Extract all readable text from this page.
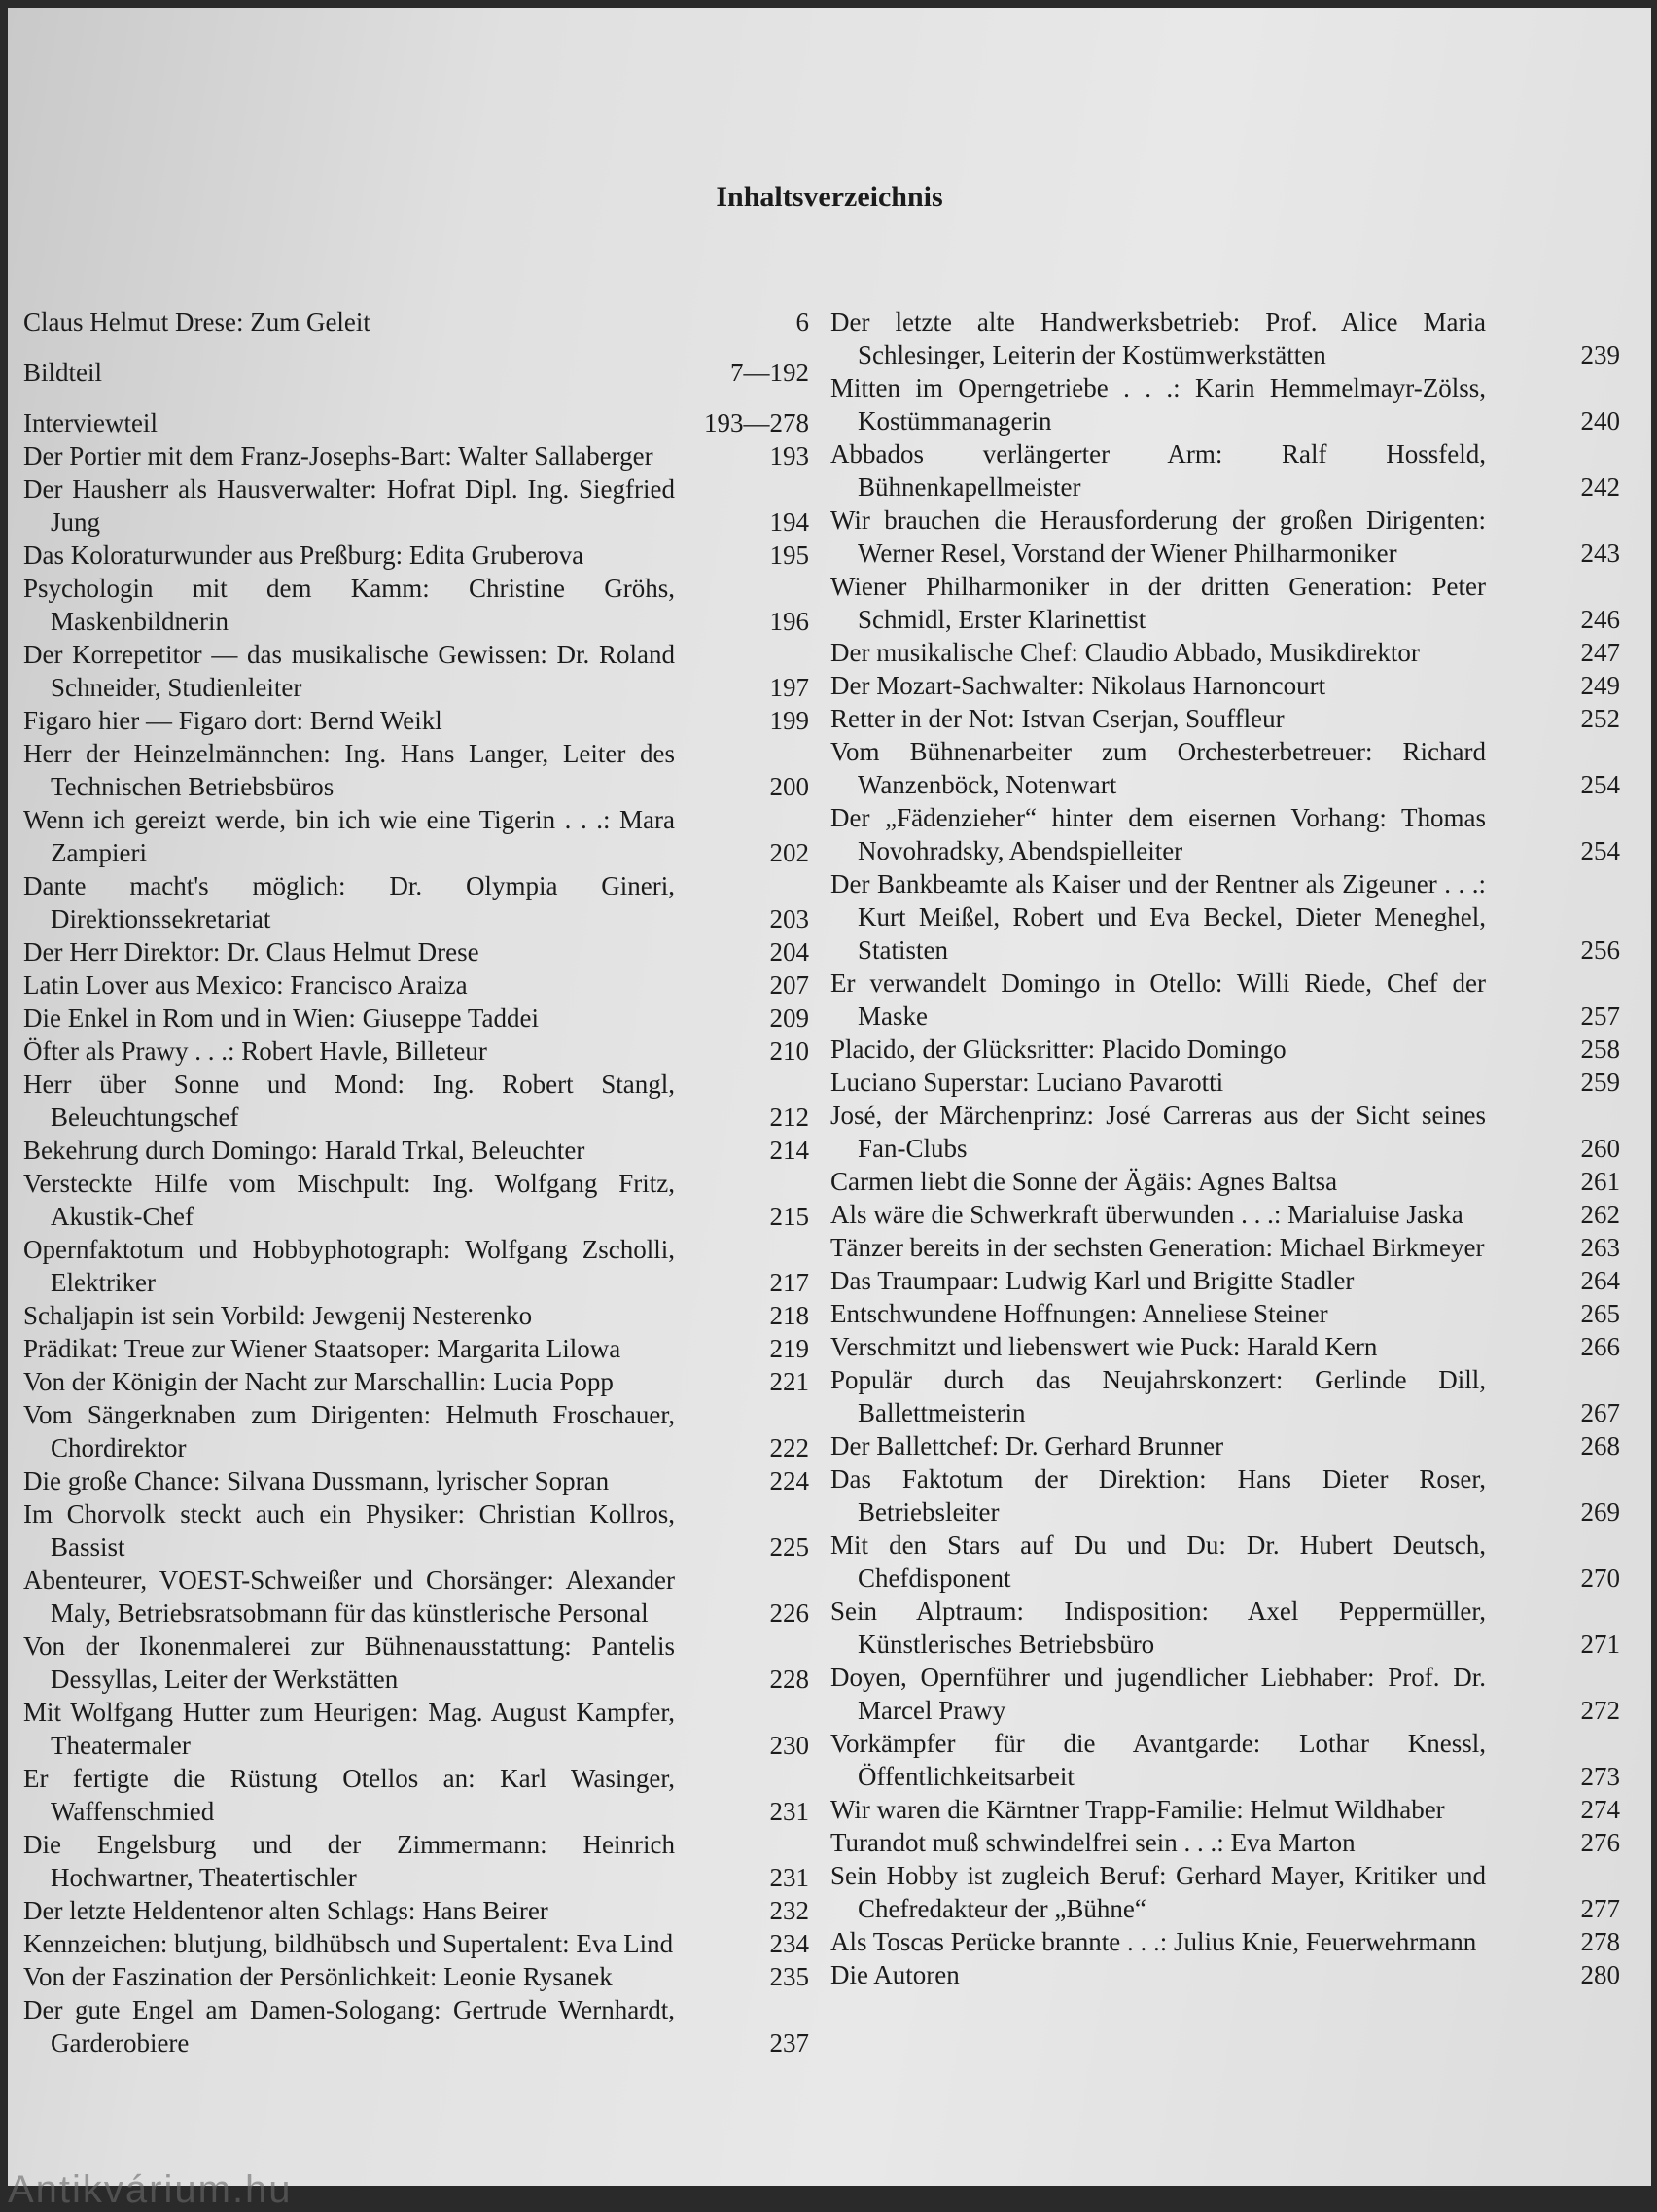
Inhaltsverzeichnis
Claus Helmut Drese: Zum Geleit	6
Bildteil	7—192
Interviewteil	193—278
Der Portier mit dem Franz-Josephs-Bart: Walter Sallaberger	193
Der Hausherr als Hausverwalter: Hofrat Dipl. Ing. Siegfried Jung	194
Das Koloraturwunder aus Preßburg: Edita Gruberova	195
Psychologin mit dem Kamm: Christine Gröhs, Maskenbildnerin	196
Der Korrepetitor — das musikalische Gewissen: Dr. Roland Schneider, Studienleiter	197
Figaro hier — Figaro dort: Bernd Weikl	199
Herr der Heinzelmännchen: Ing. Hans Langer, Leiter des Technischen Betriebsbüros	200
Wenn ich gereizt werde, bin ich wie eine Tigerin . . .: Mara Zampieri	202
Dante macht's möglich: Dr. Olympia Gineri, Direktionssekretariat	203
Der Herr Direktor: Dr. Claus Helmut Drese	204
Latin Lover aus Mexico: Francisco Araiza	207
Die Enkel in Rom und in Wien: Giuseppe Taddei	209
Öfter als Prawy . . .: Robert Havle, Billeteur	210
Herr über Sonne und Mond: Ing. Robert Stangl, Beleuchtungschef	212
Bekehrung durch Domingo: Harald Trkal, Beleuchter	214
Versteckte Hilfe vom Mischpult: Ing. Wolfgang Fritz, Akustik-Chef	215
Opernfaktotum und Hobbyphotograph: Wolfgang Zscholli, Elektriker	217
Schaljapin ist sein Vorbild: Jewgenij Nesterenko	218
Prädikat: Treue zur Wiener Staatsoper: Margarita Lilowa	219
Von der Königin der Nacht zur Marschallin: Lucia Popp	221
Vom Sängerknaben zum Dirigenten: Helmuth Froschauer, Chordirektor	222
Die große Chance: Silvana Dussmann, lyrischer Sopran	224
Im Chorvolk steckt auch ein Physiker: Christian Kollros, Bassist	225
Abenteurer, VOEST-Schweißer und Chorsänger: Alexander Maly, Betriebsratsobmann für das künstlerische Personal	226
Von der Ikonenmalerei zur Bühnenausstattung: Pantelis Dessyllas, Leiter der Werkstätten	228
Mit Wolfgang Hutter zum Heurigen: Mag. August Kampfer, Theatermaler	230
Er fertigte die Rüstung Otellos an: Karl Wasinger, Waffenschmied	231
Die Engelsburg und der Zimmermann: Heinrich Hochwartner, Theatertischler	231
Der letzte Heldentenor alten Schlags: Hans Beirer	232
Kennzeichen: blutjung, bildhübsch und Supertalent: Eva Lind	234
Von der Faszination der Persönlichkeit: Leonie Rysanek	235
Der gute Engel am Damen-Sologang: Gertrude Wernhardt, Garderobiere	237
Der letzte alte Handwerksbetrieb: Prof. Alice Maria Schlesinger, Leiterin der Kostümwerkstätten	239
Mitten im Operngetriebe . . .: Karin Hemmelmayr-Zölss, Kostümmanagerin	240
Abbados verlängerter Arm: Ralf Hossfeld, Bühnenkapellmeister	242
Wir brauchen die Herausforderung der großen Dirigenten: Werner Resel, Vorstand der Wiener Philharmoniker	243
Wiener Philharmoniker in der dritten Generation: Peter Schmidl, Erster Klarinettist	246
Der musikalische Chef: Claudio Abbado, Musikdirektor	247
Der Mozart-Sachwalter: Nikolaus Harnoncourt	249
Retter in der Not: Istvan Cserjan, Souffleur	252
Vom Bühnenarbeiter zum Orchesterbetreuer: Richard Wanzenböck, Notenwart	254
Der „Fädenzieher“ hinter dem eisernen Vorhang: Thomas Novohradsky, Abendspielleiter	254
Der Bankbeamte als Kaiser und der Rentner als Zigeuner . . .: Kurt Meißel, Robert und Eva Beckel, Dieter Meneghel, Statisten	256
Er verwandelt Domingo in Otello: Willi Riede, Chef der Maske	257
Placido, der Glücksritter: Placido Domingo	258
Luciano Superstar: Luciano Pavarotti	259
José, der Märchenprinz: José Carreras aus der Sicht seines Fan-Clubs	260
Carmen liebt die Sonne der Ägäis: Agnes Baltsa	261
Als wäre die Schwerkraft überwunden . . .: Marialuise Jaska	262
Tänzer bereits in der sechsten Generation: Michael Birkmeyer	263
Das Traumpaar: Ludwig Karl und Brigitte Stadler	264
Entschwundene Hoffnungen: Anneliese Steiner	265
Verschmitzt und liebenswert wie Puck: Harald Kern	266
Populär durch das Neujahrskonzert: Gerlinde Dill, Ballettmeisterin	267
Der Ballettchef: Dr. Gerhard Brunner	268
Das Faktotum der Direktion: Hans Dieter Roser, Betriebsleiter	269
Mit den Stars auf Du und Du: Dr. Hubert Deutsch, Chefdisponent	270
Sein Alptraum: Indisposition: Axel Peppermüller, Künstlerisches Betriebsbüro	271
Doyen, Opernführer und jugendlicher Liebhaber: Prof. Dr. Marcel Prawy	272
Vorkämpfer für die Avantgarde: Lothar Knessl, Öffentlichkeitsarbeit	273
Wir waren die Kärntner Trapp-Familie: Helmut Wildhaber	274
Turandot muß schwindelfrei sein . . .: Eva Marton	276
Sein Hobby ist zugleich Beruf: Gerhard Mayer, Kritiker und Chefredakteur der „Bühne“	277
Als Toscas Perücke brannte . . .: Julius Knie, Feuerwehrmann	278
Die Autoren	280
Antikvárium.hu
